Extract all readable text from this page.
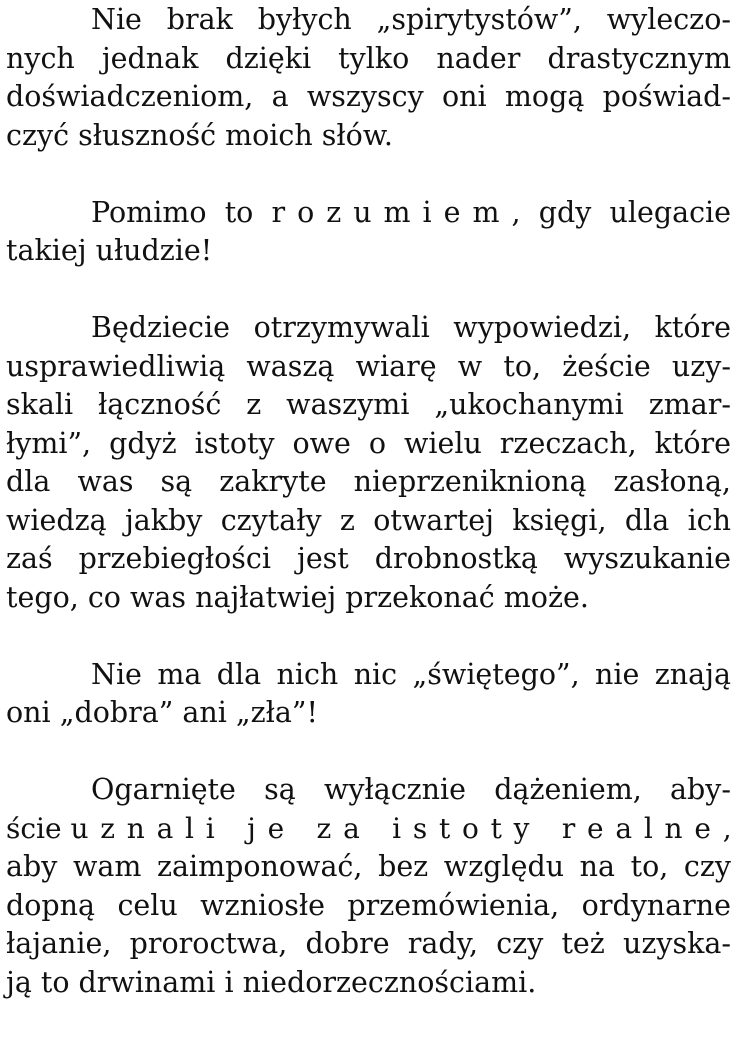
Nie brak byłych „spirytystów”, wyleczo-
nych jednak dzięki tylko nader drastycznym
doświadczeniom, a wszyscy oni mogą poświad-
czyć słuszność moich słów.
Pomimo to rozumiem, gdy ulegacie
takiej ułudzie!
Będziecie otrzymywali wypowiedzi, które
usprawiedliwią waszą wiarę w to, żeście uzy-
skali łączność z waszymi „ukochanymi zmar-
łymi”, gdyż istoty owe o wielu rzeczach, które
dla was są zakryte nieprzeniknioną zasłoną,
wiedzą jakby czytały z otwartej księgi, dla ich
zaś przebiegłości jest drobnostką wyszukanie
tego, co was najłatwiej przekonać może.
Nie ma dla nich nic „świętego”, nie znają
oni „dobra” ani „zła”!
Ogarnięte są wyłącznie dążeniem, aby-
ście uznali je za istoty realne,
aby wam zaimponować, bez względu na to, czy
dopną celu wzniosłe przemówienia, ordynarne
łajanie, proroctwa, dobre rady, czy też uzyska-
ją to drwinami i niedorzecznościami.
